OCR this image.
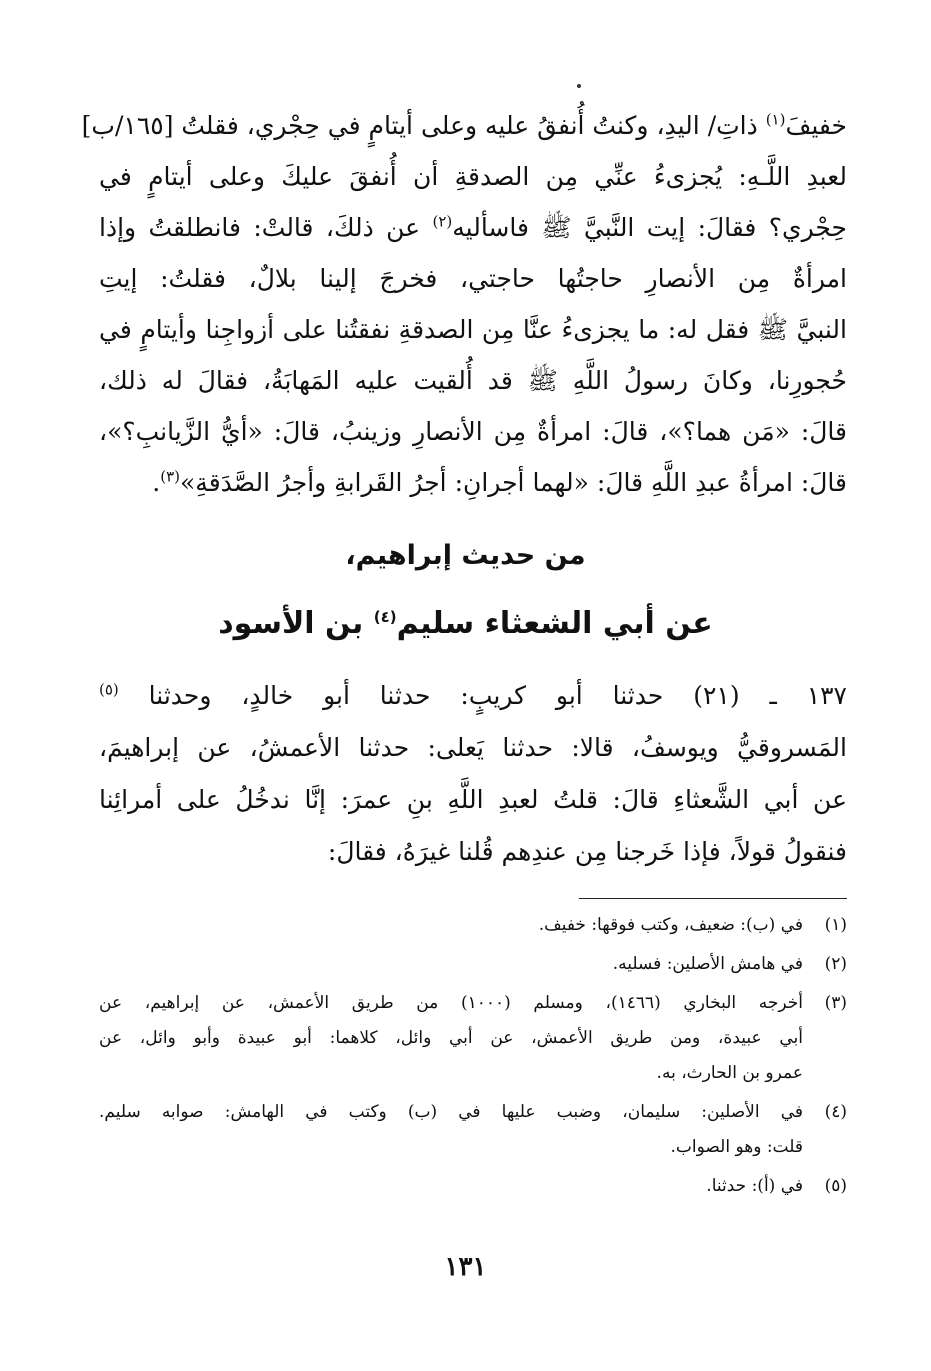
خفيفَ$^{(١)}$ ذاتِ/ اليدِ، وكنتُ أُنفقُ عليه وعلى أيتامٍ في حِجْري، فقلتُ [١٦٥/ب]
لعبدِ اللَّـهِ: يُجزىءُ عنِّي مِن الصدقةِ أن أُنفقَ عليكَ وعلى أيتامٍ في
حِجْري؟ فقالَ: إيت النَّبيَّ ﷺ فاسأليه$^{(٢)}$ عن ذلكَ، قالتْ: فانطلقتُ وإذا
امرأةٌ مِن الأنصارِ حاجتُها حاجتي، فخرجَ إلينا بلالٌ، فقلتُ: إيتِ
النبيَّ ﷺ فقل له: ما يجزىءُ عنَّا مِن الصدقةِ نفقتُنا على أزواجِنا وأيتامٍ في
حُجورِنا، وكانَ رسولُ اللَّهِ ﷺ قد أُلقيت عليه المَهابَةُ، فقالَ له ذلك،
قالَ: «مَن هما؟»، قالَ: امرأةٌ مِن الأنصارِ وزينبُ، قالَ: «أيُّ الزَّيانبِ؟»،
قالَ: امرأةُ عبدِ اللَّهِ قالَ: «لهما أجرانِ: أجرُ القَرابةِ وأجرُ الصَّدَقةِ»$^{(٣)}$.
من حديث إبراهيم،
عن أبي الشعثاء سليم$^{(٤)}$ بن الأسود
١٣٧ ـ (٢١) حدثنا أبو كريبٍ: حدثنا أبو خالدٍ، وحدثنا $^{(٥)}$
المَسروقيُّ ويوسفُ، قالا: حدثنا يَعلى: حدثنا الأعمشُ، عن إبراهيمَ،
عن أبي الشَّعثاءِ قالَ: قلتُ لعبدِ اللَّهِ بنِ عمرَ: إنَّا ندخُلُ على أمرائِنا
فنقولُ قولاً، فإذا خَرجنا مِن عندِهم قُلنا غيرَهُ، فقالَ:
(١)
في (ب): ضعيف، وكتب فوقها: خفيف.
(٢)
في هامش الأصلين: فسليه.
(٣)
أخرجه البخاري (١٤٦٦)، ومسلم (١٠٠٠) من طريق الأعمش، عن إبراهيم، عن
أبي عبيدة، ومن طريق الأعمش، عن أبي وائل، كلاهما: أبو عبيدة وأبو وائل، عن
عمرو بن الحارث، به.
(٤)
في الأصلين: سليمان، وضبب عليها في (ب) وكتب في الهامش: صوابه سليم.
قلت: وهو الصواب.
(٥)
في (أ): حدثنا.
١٣١
